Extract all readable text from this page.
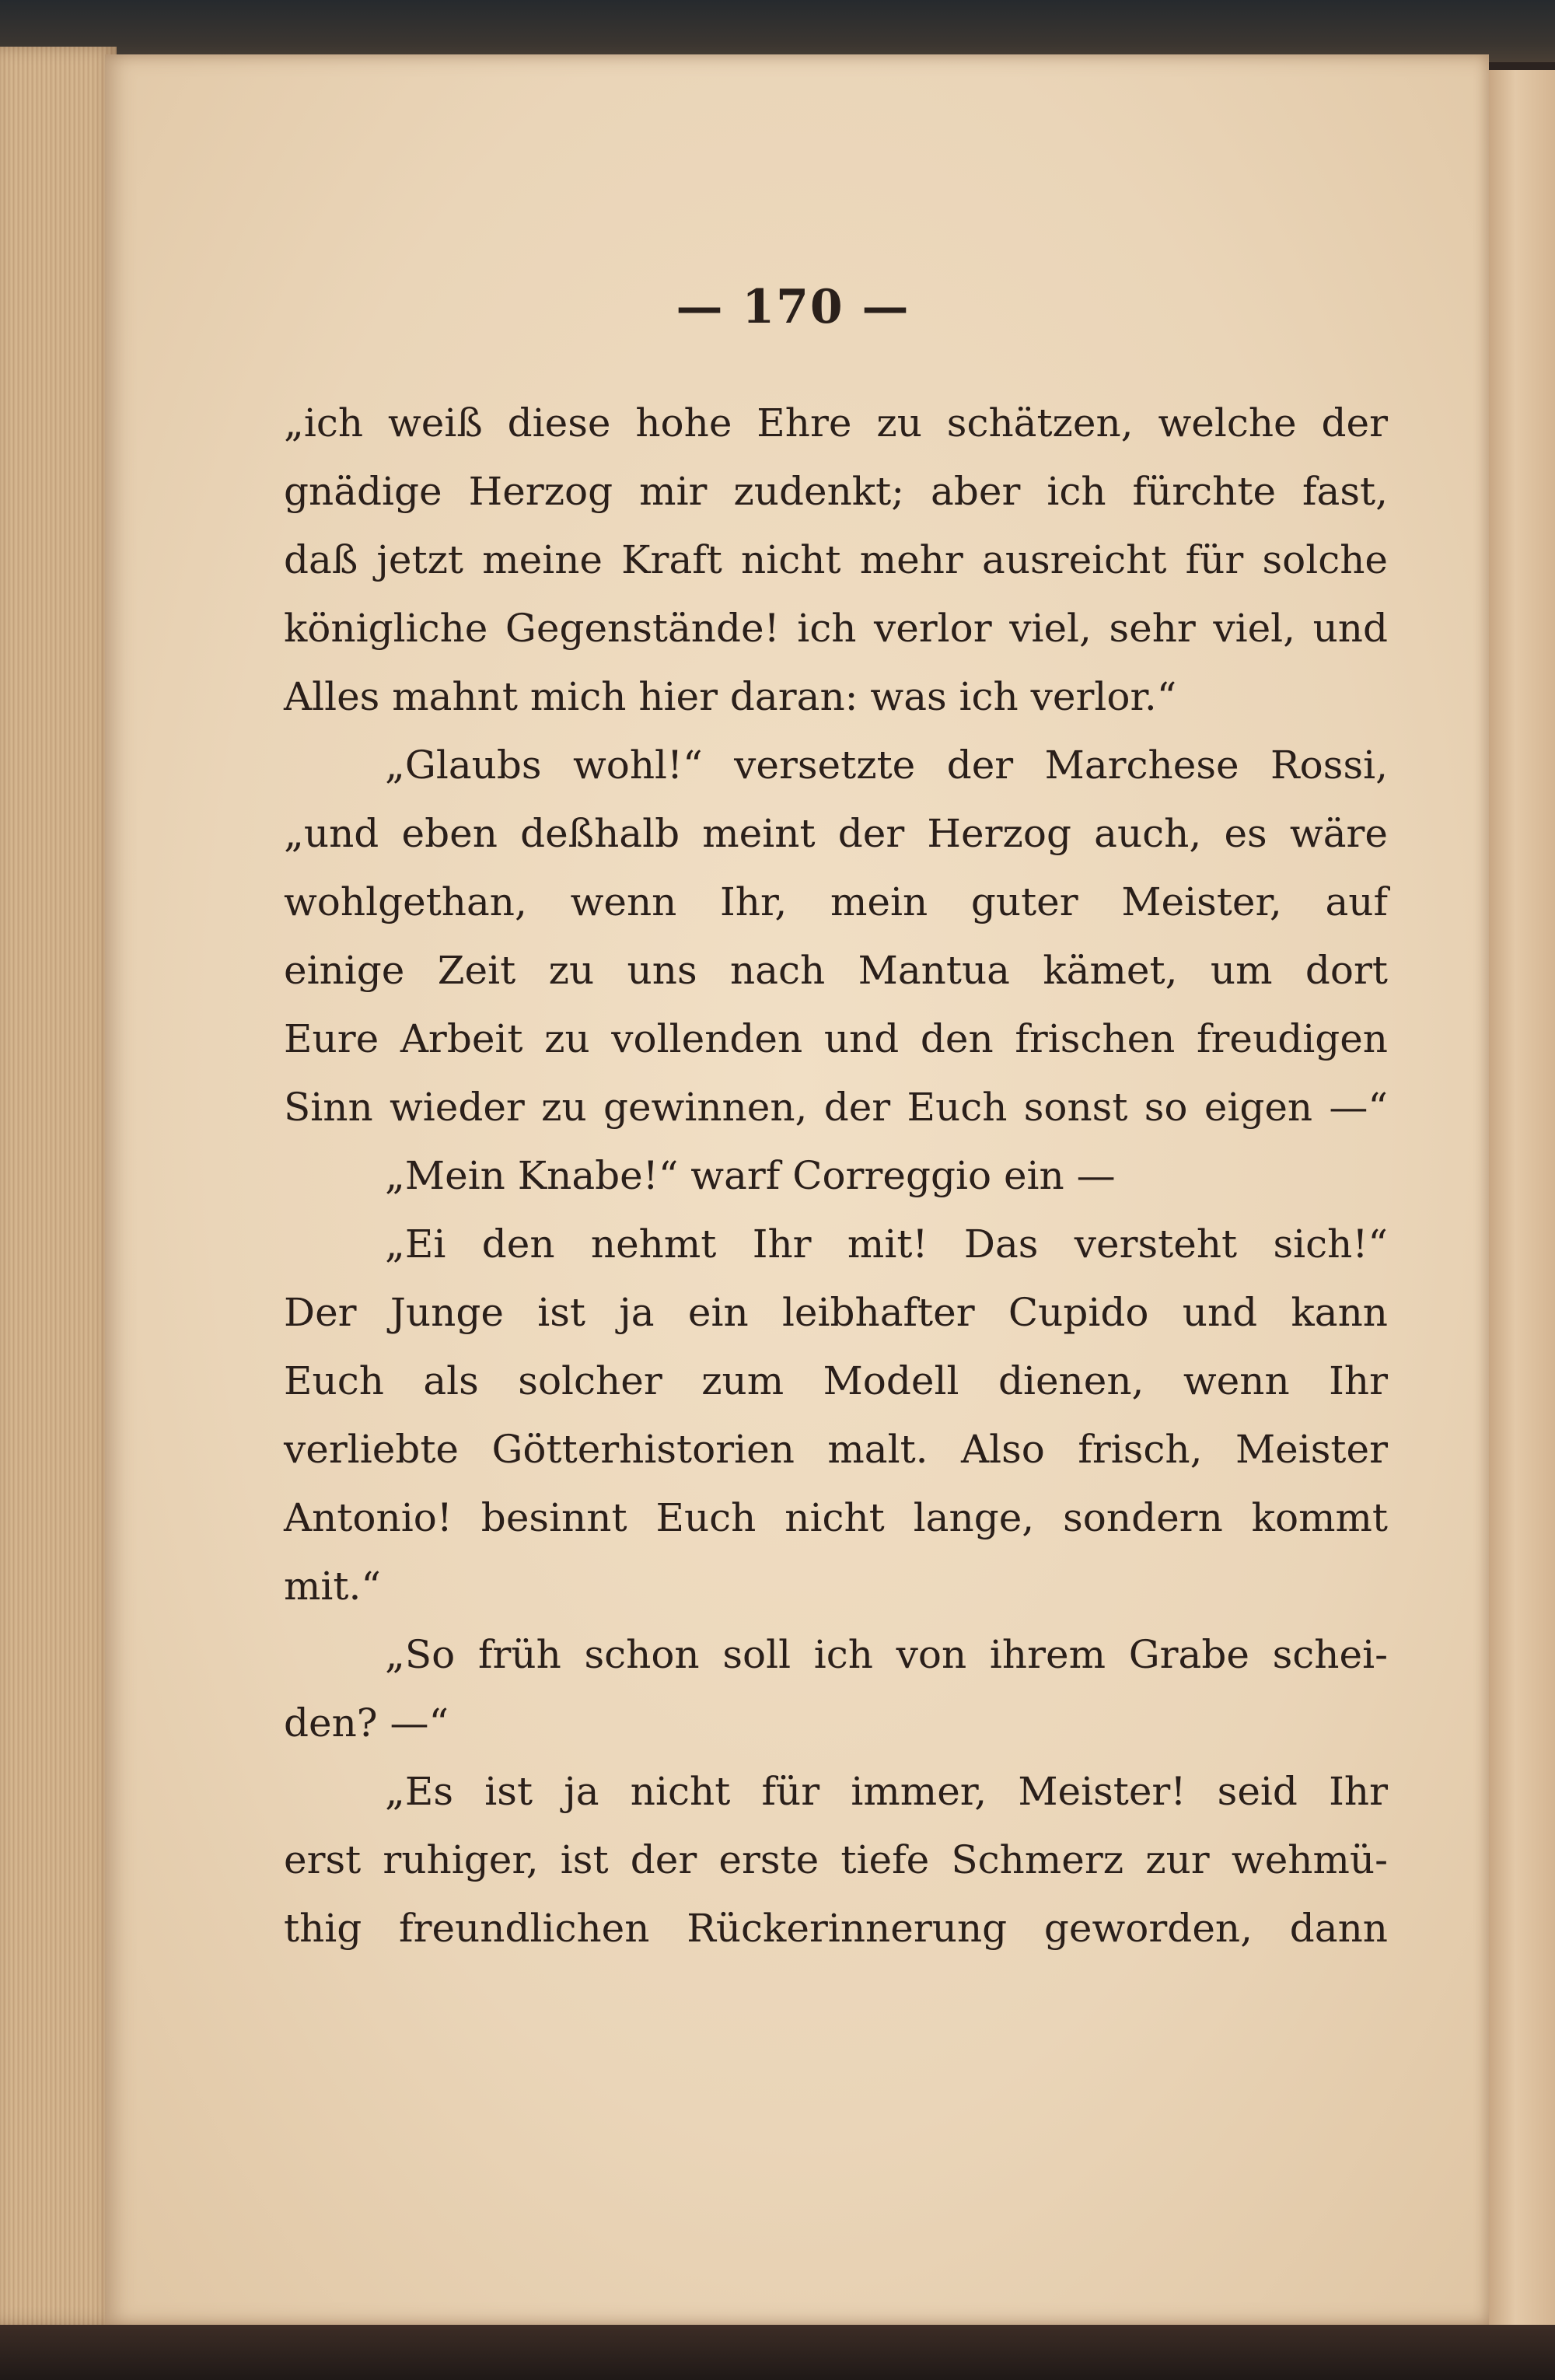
— 170 —
„ich weiß diese hohe Ehre zu schätzen, welche der
gnädige Herzog mir zudenkt; aber ich fürchte fast,
daß jetzt meine Kraft nicht mehr ausreicht für solche
königliche Gegenstände! ich verlor viel, sehr viel, und
Alles mahnt mich hier daran: was ich verlor.“
„Glaubs wohl!“ versetzte der Marchese Rossi,
„und eben deßhalb meint der Herzog auch, es wäre
wohlgethan, wenn Ihr, mein guter Meister, auf
einige Zeit zu uns nach Mantua kämet, um dort
Eure Arbeit zu vollenden und den frischen freudigen
Sinn wieder zu gewinnen, der Euch sonst so eigen —“
„Mein Knabe!“ warf Correggio ein —
„Ei den nehmt Ihr mit! Das versteht sich!“
Der Junge ist ja ein leibhafter Cupido und kann
Euch als solcher zum Modell dienen, wenn Ihr
verliebte Götterhistorien malt. Also frisch, Meister
Antonio! besinnt Euch nicht lange, sondern kommt
mit.“
„So früh schon soll ich von ihrem Grabe schei-
den? —“
„Es ist ja nicht für immer, Meister! seid Ihr
erst ruhiger, ist der erste tiefe Schmerz zur wehmü-
thig freundlichen Rückerinnerung geworden, dann
